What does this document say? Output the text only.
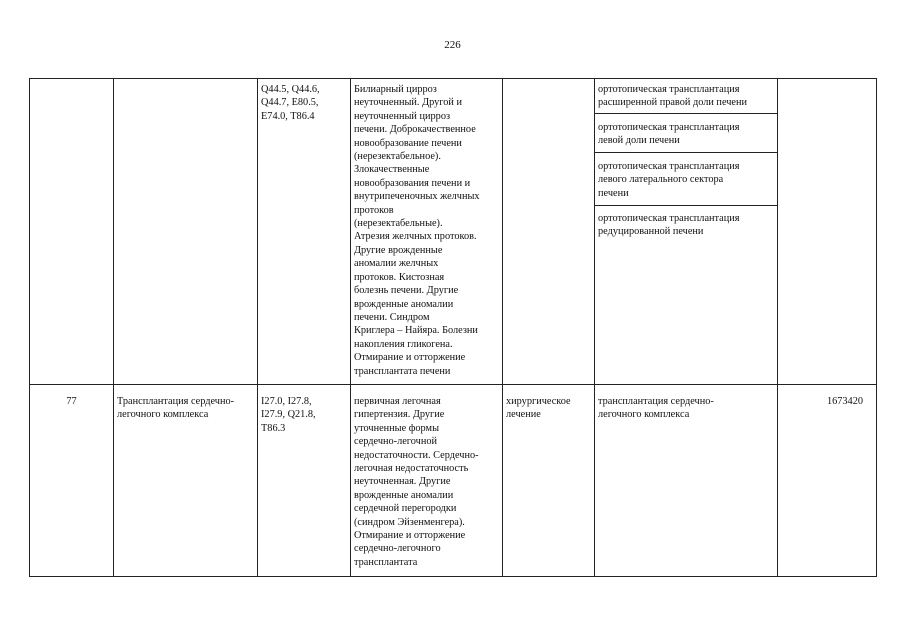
226
Q44.5, Q44.6,
Q44.7, E80.5,
E74.0, T86.4
Билиарный цирроз
неуточненный. Другой и
неуточненный цирроз
печени. Доброкачественное
новообразование печени
(нерезектабельное).
Злокачественные
новообразования печени и
внутрипеченочных желчных
протоков
(нерезектабельные).
Атрезия желчных протоков.
Другие врожденные
аномалии желчных
протоков. Кистозная
болезнь печени. Другие
врожденные аномалии
печени. Синдром
Криглера – Найяра. Болезни
накопления гликогена.
Отмирание и отторжение
трансплантата печени
ортотопическая трансплантация
расширенной правой доли печени
ортотопическая трансплантация
левой доли печени
ортотопическая трансплантация
левого латерального сектора
печени
ортотопическая трансплантация
редуцированной печени
77	Трансплантация сердечно-
легочного комплекса
I27.0, I27.8,
I27.9, Q21.8,
T86.3
первичная легочная
гипертензия. Другие
уточненные формы
сердечно-легочной
недостаточности. Сердечно-
легочная недостаточность
неуточненная. Другие
врожденные аномалии
сердечной перегородки
(синдром Эйзенменгера).
Отмирание и отторжение
сердечно-легочного
трансплантата
хирургическое
лечение
трансплантация сердечно-
легочного комплекса
1673420
